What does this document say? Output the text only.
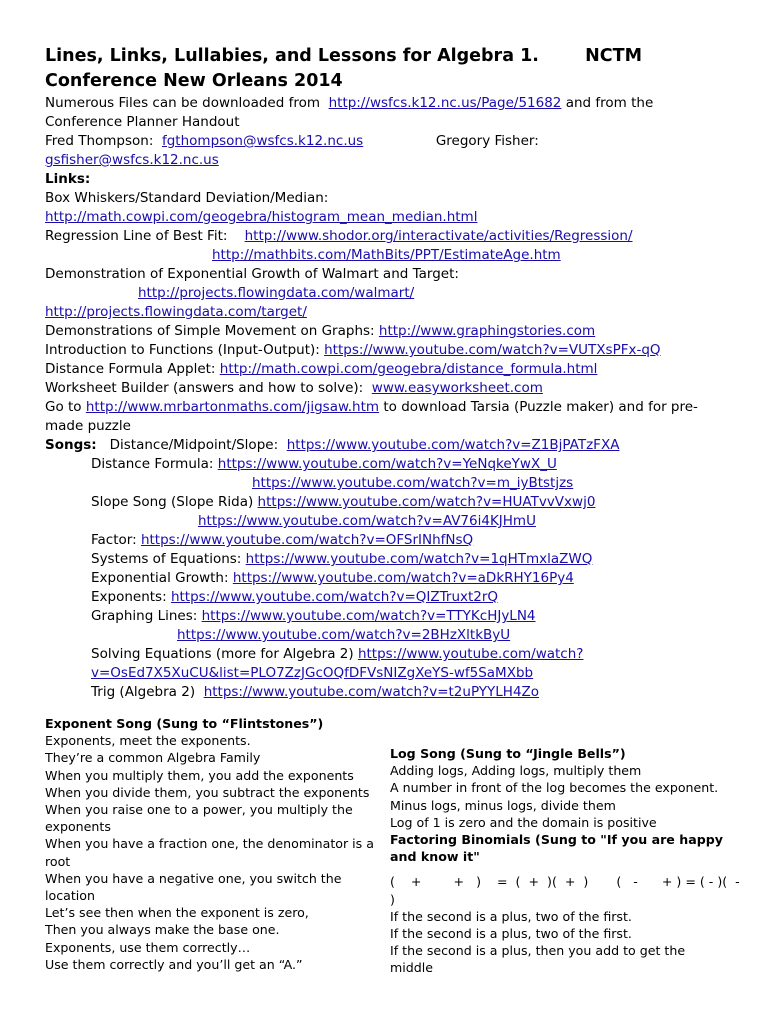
Lines, Links, Lullabies, and Lessons for Algebra 1.	NCTM
Conference New Orleans 2014
Numerous Files can be downloaded from http://wsfcs.k12.nc.us/Page/51682 and from the
Conference Planner Handout
Fred Thompson: fgthompson@wsfcs.k12.nc.us	Gregory Fisher:
gsfisher@wsfcs.k12.nc.us
Links:
Box Whiskers/Standard Deviation/Median:
http://math.cowpi.com/geogebra/histogram_mean_median.html
Regression Line of Best Fit: http://www.shodor.org/interactivate/activities/Regression/
http://mathbits.com/MathBits/PPT/EstimateAge.htm
Demonstration of Exponential Growth of Walmart and Target:
http://projects.flowingdata.com/walmart/
http://projects.flowingdata.com/target/
Demonstrations of Simple Movement on Graphs: http://www.graphingstories.com
Introduction to Functions (Input-Output): https://www.youtube.com/watch?v=VUTXsPFx-qQ
Distance Formula Applet: http://math.cowpi.com/geogebra/distance_formula.html
Worksheet Builder (answers and how to solve): www.easyworksheet.com
Go to http://www.mrbartonmaths.com/jigsaw.htm to download Tarsia (Puzzle maker) and for pre-
made puzzle
Songs: Distance/Midpoint/Slope: https://www.youtube.com/watch?v=Z1BjPATzFXA
Distance Formula: https://www.youtube.com/watch?v=YeNqkeYwX_U
https://www.youtube.com/watch?v=m_iyBtstjzs
Slope Song (Slope Rida) https://www.youtube.com/watch?v=HUATvvVxwj0
https://www.youtube.com/watch?v=AV76i4KJHmU
Factor: https://www.youtube.com/watch?v=OFSrINhfNsQ
Systems of Equations: https://www.youtube.com/watch?v=1qHTmxlaZWQ
Exponential Growth: https://www.youtube.com/watch?v=aDkRHY16Py4
Exponents: https://www.youtube.com/watch?v=QIZTruxt2rQ
Graphing Lines: https://www.youtube.com/watch?v=TTYKcHJyLN4
https://www.youtube.com/watch?v=2BHzXltkByU
Solving Equations (more for Algebra 2) https://www.youtube.com/watch?
v=OsEd7X5XuCU&list=PLO7ZzJGcOQfDFVsNIZgXeYS-wf5SaMXbb
Trig (Algebra 2) https://www.youtube.com/watch?v=t2uPYYLH4Zo
Exponent Song (Sung to “Flintstones”)
Exponents, meet the exponents.
They’re a common Algebra Family
When you multiply them, you add the exponents
When you divide them, you subtract the exponents
When you raise one to a power, you multiply the
exponents
When you have a fraction one, the denominator is a
root
When you have a negative one, you switch the
location
Let’s see then when the exponent is zero,
Then you always make the base one.
Exponents, use them correctly…
Use them correctly and you’ll get an “A.”
Log Song (Sung to “Jingle Bells”)
Adding logs, Adding logs, multiply them
A number in front of the log becomes the exponent.
Minus logs, minus logs, divide them
Log of 1 is zero and the domain is positive
Factoring Binomials (Sung to "If you are happy
and know it"
(    +        +   )    =  (  +  )(  +  )       (   -      + ) = ( - )(  -
)
If the second is a plus, two of the first.
If the second is a plus, two of the first.
If the second is a plus, then you add to get the
middle
